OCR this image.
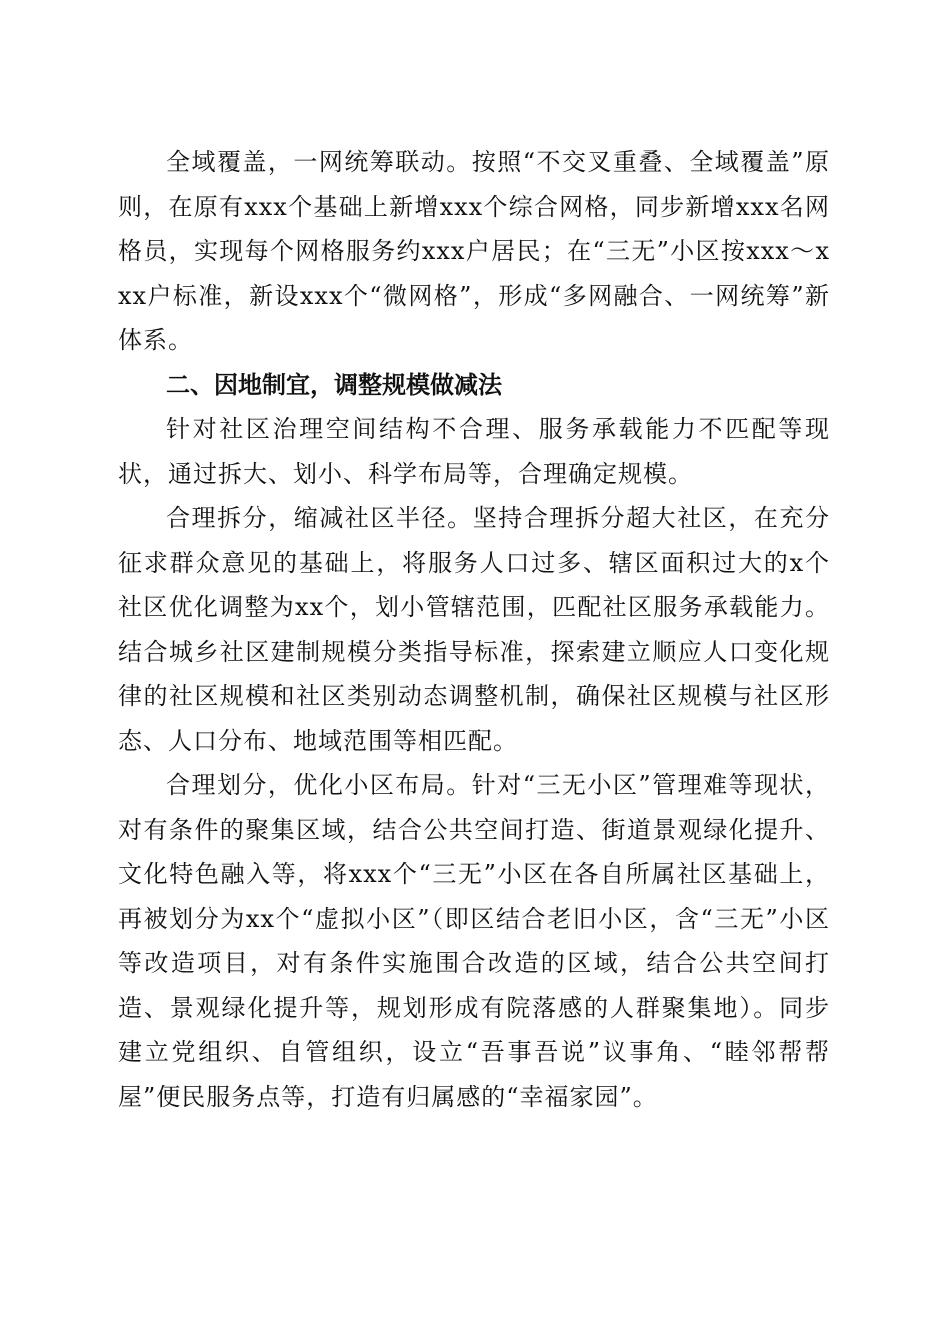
全域覆盖，一网统筹联动。按照“不交叉重叠、全域覆盖”原则，在原有xxx个基础上新增xxx个综合网格，同步新增xxx名网格员，实现每个网格服务约xxx户居民；在“三无”小区按xxx～xxx户标准，新设xxx个“微网格”，形成“多网融合、一网统筹”新体系。

二、因地制宜，调整规模做减法

针对社区治理空间结构不合理、服务承载能力不匹配等现状，通过拆大、划小、科学布局等，合理确定规模。

合理拆分，缩减社区半径。坚持合理拆分超大社区，在充分征求群众意见的基础上，将服务人口过多、辖区面积过大的x个社区优化调整为xx个，划小管辖范围，匹配社区服务承载能力。结合城乡社区建制规模分类指导标准，探索建立顺应人口变化规律的社区规模和社区类别动态调整机制，确保社区规模与社区形态、人口分布、地域范围等相匹配。

合理划分，优化小区布局。针对“三无小区”管理难等现状，对有条件的聚集区域，结合公共空间打造、街道景观绿化提升、文化特色融入等，将xxx个“三无”小区在各自所属社区基础上，再被划分为xx个“虚拟小区”（即区结合老旧小区，含“三无”小区等改造项目，对有条件实施围合改造的区域，结合公共空间打造、景观绿化提升等，规划形成有院落感的人群聚集地）。同步建立党组织、自管组织，设立“吾事吾说”议事角、“睦邻帮帮屋”便民服务点等，打造有归属感的“幸福家园”。
